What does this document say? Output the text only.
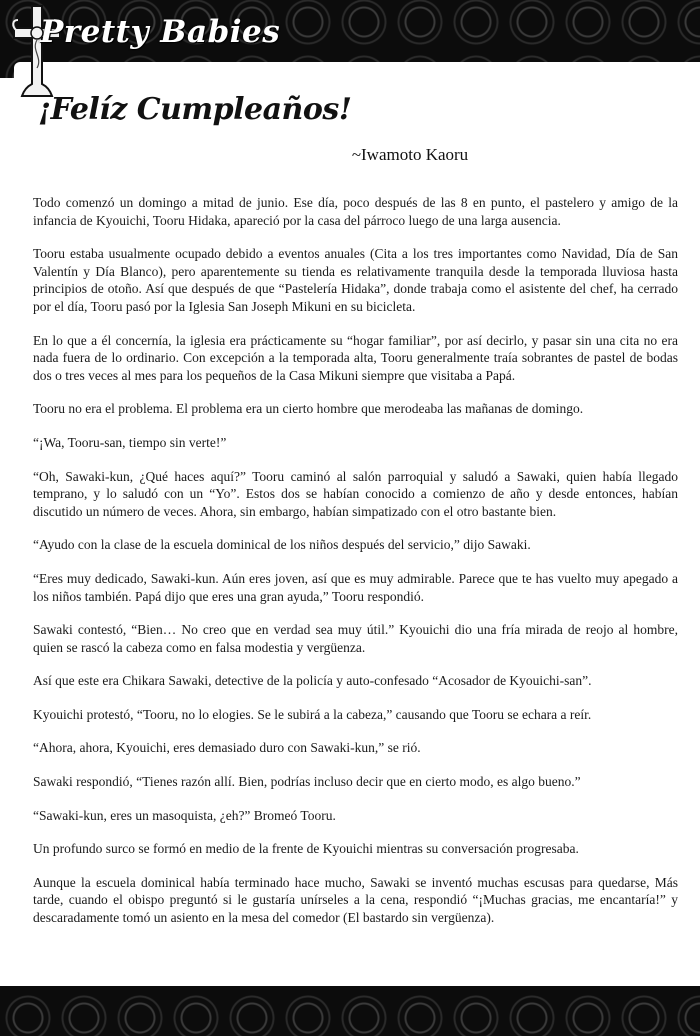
Pretty Babies
¡Felíz Cumpleaños!
~Iwamoto Kaoru

Todo comenzó un domingo a mitad de junio. Ese día, poco después de las 8 en punto, el pastelero y amigo de la infancia de Kyouichi, Tooru Hidaka, apareció por la casa del párroco luego de una larga ausencia.

Tooru estaba usualmente ocupado debido a eventos anuales (Cita a los tres importantes como Navidad, Día de San Valentín y Día Blanco), pero aparentemente su tienda es relativamente tranquila desde la temporada lluviosa hasta principios de otoño. Así que después de que “Pastelería Hidaka”, donde trabaja como el asistente del chef, ha cerrado por el día, Tooru pasó por la Iglesia San Joseph Mikuni en su bicicleta.

En lo que a él concernía, la iglesia era prácticamente su “hogar familiar”, por así decirlo, y pasar sin una cita no era nada fuera de lo ordinario. Con excepción a la temporada alta, Tooru generalmente traía sobrantes de pastel de bodas dos o tres veces al mes para los pequeños de la Casa Mikuni siempre que visitaba a Papá.

Tooru no era el problema. El problema era un cierto hombre que merodeaba las mañanas de domingo.

“¡Wa, Tooru-san, tiempo sin verte!”

“Oh, Sawaki-kun, ¿Qué haces aquí?” Tooru caminó al salón parroquial y saludó a Sawaki, quien había llegado temprano, y lo saludó con un “Yo”. Estos dos se habían conocido a comienzo de año y desde entonces, habían discutido un número de veces. Ahora, sin embargo, habían simpatizado con el otro bastante bien.

“Ayudo con la clase de la escuela dominical de los niños después del servicio,” dijo Sawaki.

“Eres muy dedicado, Sawaki-kun. Aún eres joven, así que es muy admirable. Parece que te has vuelto muy apegado a los niños también. Papá dijo que eres una gran ayuda,” Tooru respondió.

Sawaki contestó, “Bien… No creo que en verdad sea muy útil.” Kyouichi dio una fría mirada de reojo al hombre, quien se rascó la cabeza como en falsa modestia y vergüenza.

Así que este era Chikara Sawaki, detective de la policía y auto-confesado “Acosador de Kyouichi-san”.

Kyouichi protestó, “Tooru, no lo elogies. Se le subirá a la cabeza,” causando que Tooru se echara a reír.

“Ahora, ahora, Kyouichi, eres demasiado duro con Sawaki-kun,” se rió.

Sawaki respondió, “Tienes razón allí. Bien, podrías incluso decir que en cierto modo, es algo bueno.”

“Sawaki-kun, eres un masoquista, ¿eh?” Bromeó Tooru.

Un profundo surco se formó en medio de la frente de Kyouichi mientras su conversación progresaba.

Aunque la escuela dominical había terminado hace mucho, Sawaki se inventó muchas escusas para quedarse, Más tarde, cuando el obispo preguntó si le gustaría unírseles a la cena, respondió “¡Muchas gracias, me encantaría!” y descaradamente tomó un asiento en la mesa del comedor (El bastardo sin vergüenza).
